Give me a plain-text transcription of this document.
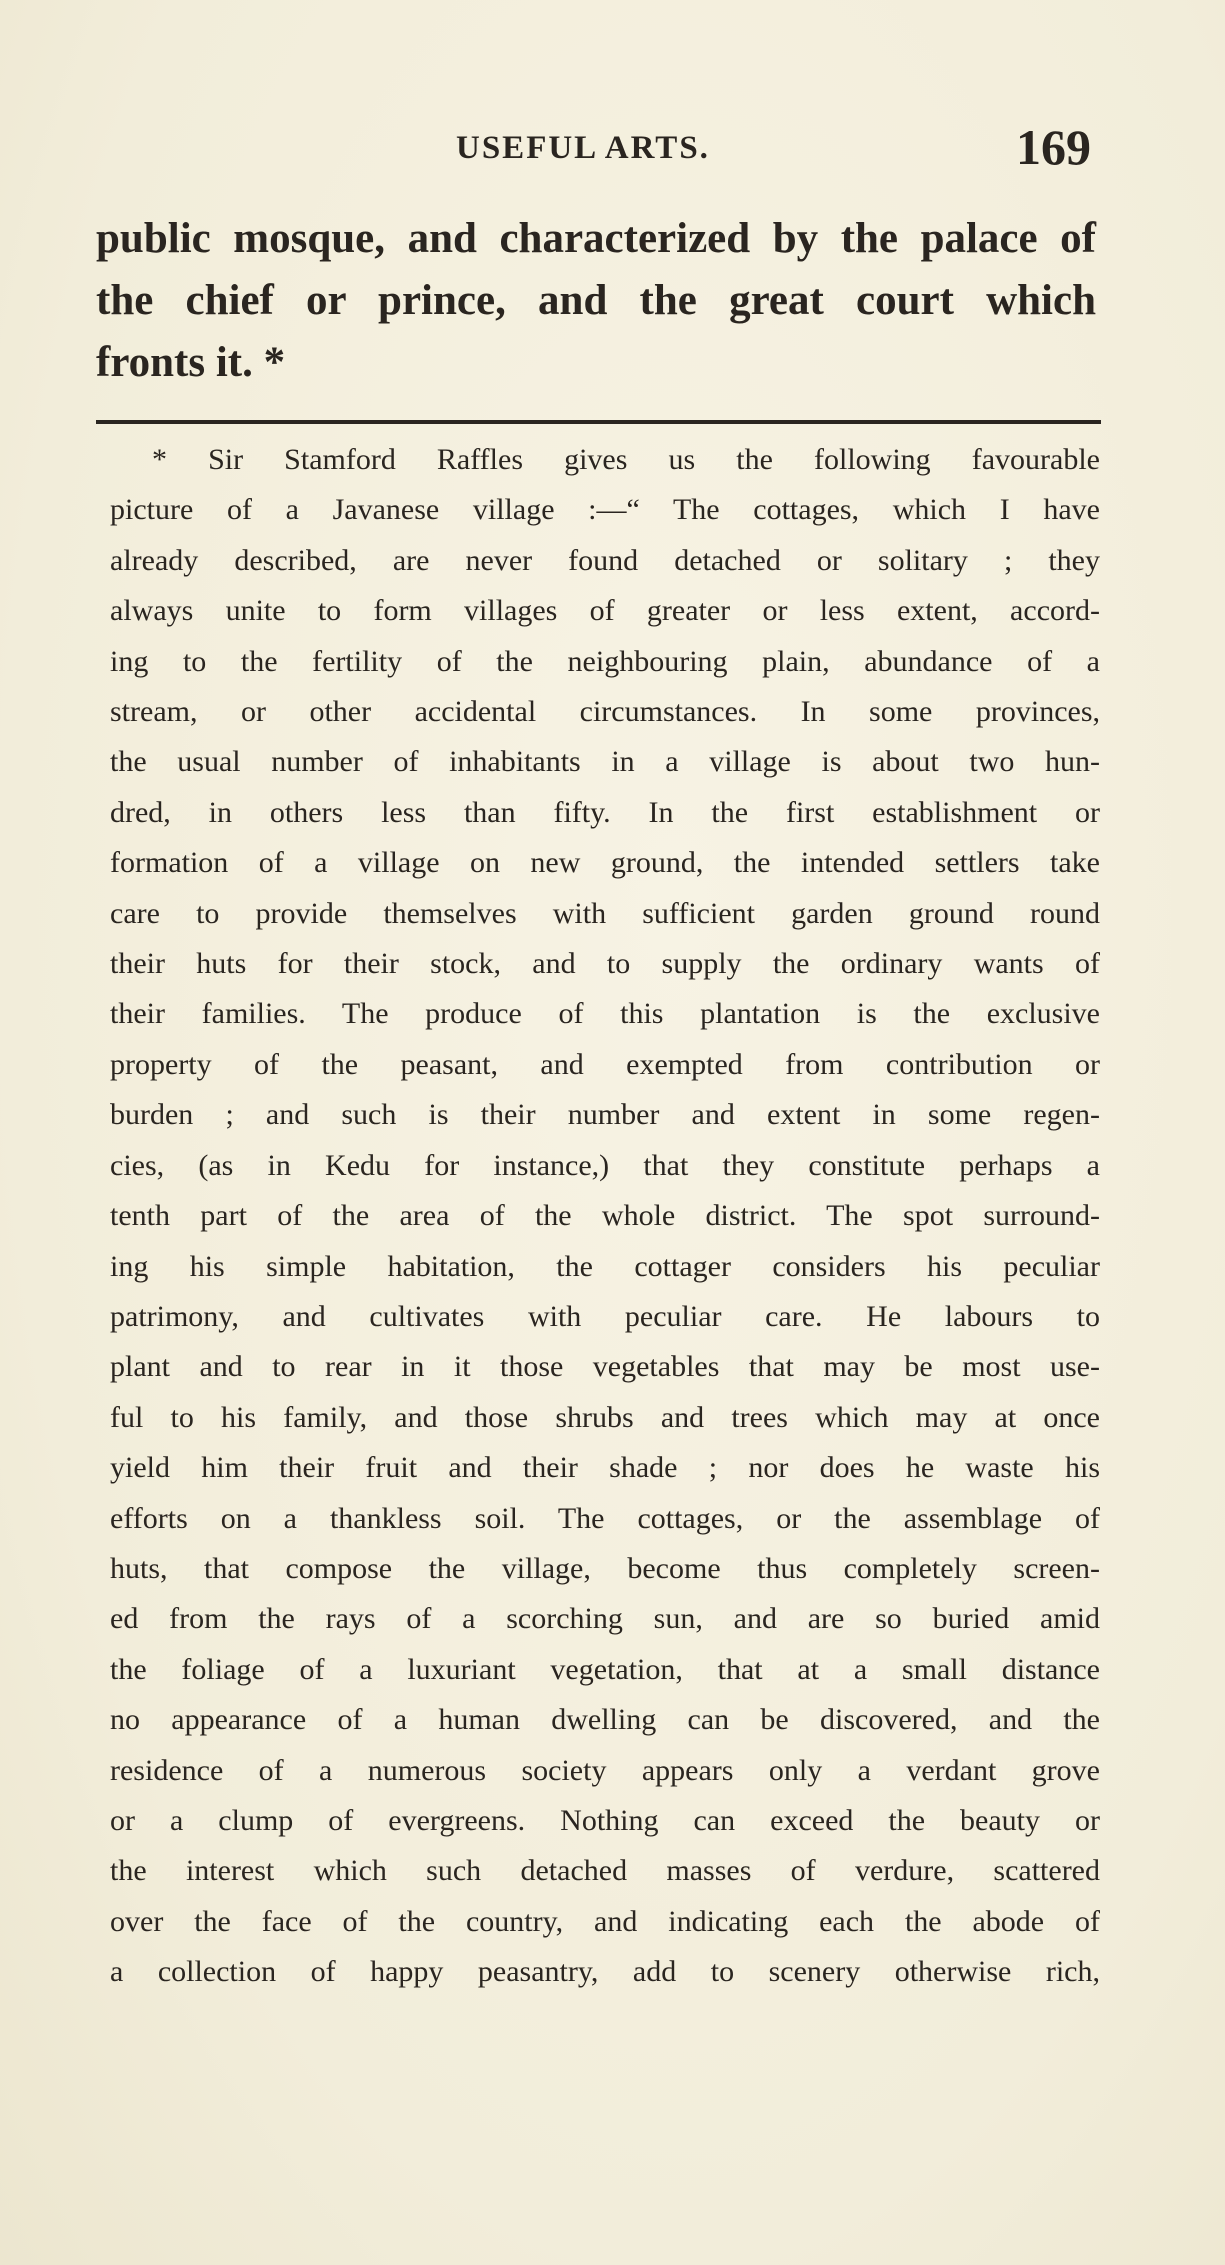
USEFUL ARTS.	169
public mosque, and characterized by the palace of
the chief or prince, and the great court which
fronts it. *
* Sir Stamford Raffles gives us the following favourable
picture of a Javanese village :—“ The cottages, which I have
already described, are never found detached or solitary ; they
always unite to form villages of greater or less extent, accord-
ing to the fertility of the neighbouring plain, abundance of a
stream, or other accidental circumstances. In some provinces,
the usual number of inhabitants in a village is about two hun-
dred, in others less than fifty. In the first establishment or
formation of a village on new ground, the intended settlers take
care to provide themselves with sufficient garden ground round
their huts for their stock, and to supply the ordinary wants of
their families. The produce of this plantation is the exclusive
property of the peasant, and exempted from contribution or
burden ; and such is their number and extent in some regen-
cies, (as in Kedu for instance,) that they constitute perhaps a
tenth part of the area of the whole district. The spot surround-
ing his simple habitation, the cottager considers his peculiar
patrimony, and cultivates with peculiar care. He labours to
plant and to rear in it those vegetables that may be most use-
ful to his family, and those shrubs and trees which may at once
yield him their fruit and their shade ; nor does he waste his
efforts on a thankless soil. The cottages, or the assemblage of
huts, that compose the village, become thus completely screen-
ed from the rays of a scorching sun, and are so buried amid
the foliage of a luxuriant vegetation, that at a small distance
no appearance of a human dwelling can be discovered, and the
residence of a numerous society appears only a verdant grove
or a clump of evergreens. Nothing can exceed the beauty or
the interest which such detached masses of verdure, scattered
over the face of the country, and indicating each the abode of
a collection of happy peasantry, add to scenery otherwise rich,
